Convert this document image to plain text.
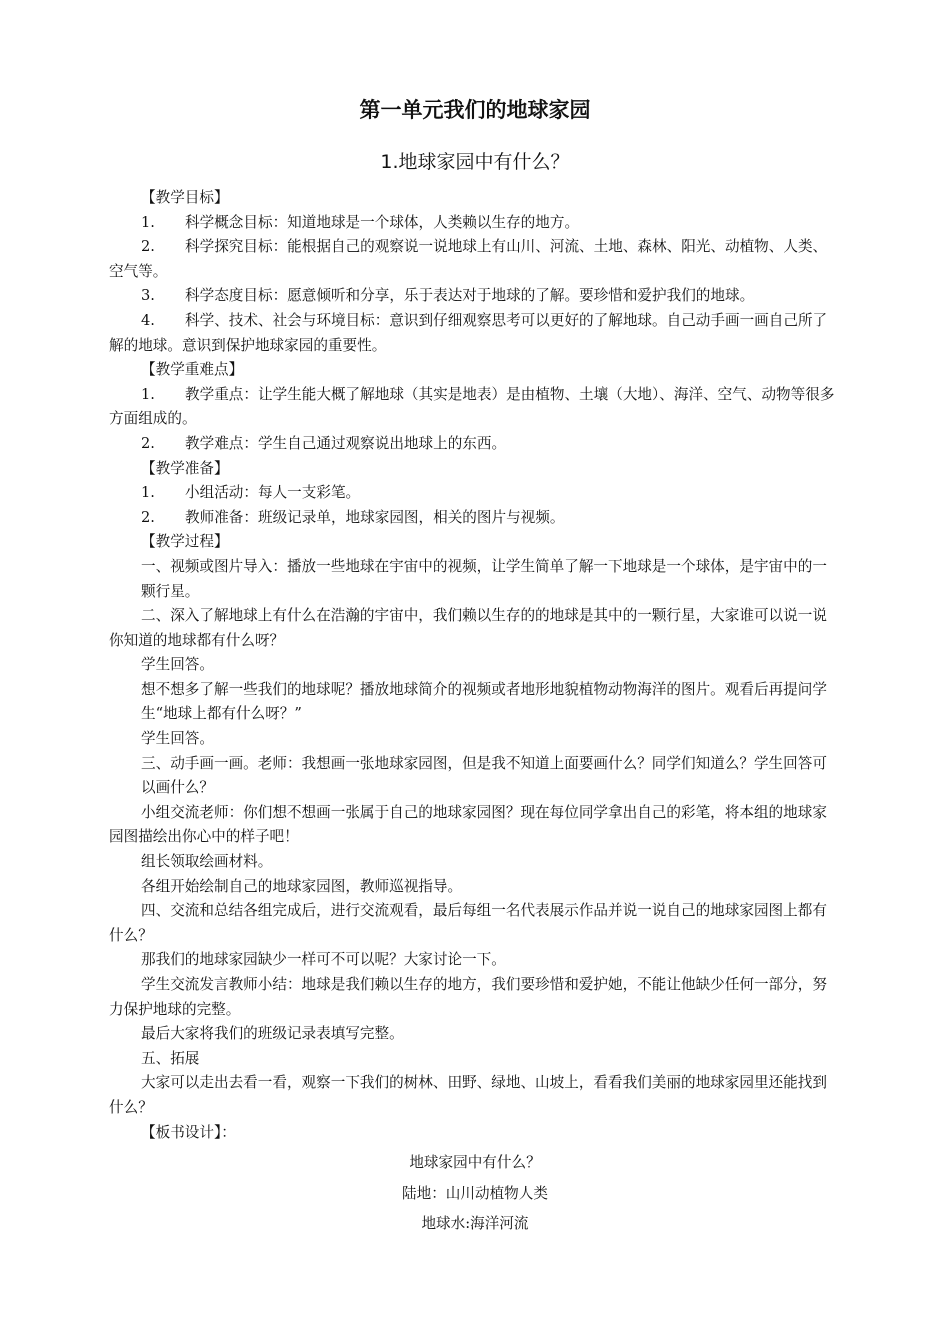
第一单元我们的地球家园
1.地球家园中有什么？

【教学目标】

1. 科学概念目标：知道地球是一个球体，人类赖以生存的地方。

2. 科学探究目标：能根据自己的观察说一说地球上有山川、河流、土地、森林、阳光、动植物、人类、空气等。

3. 科学态度目标：愿意倾听和分享，乐于表达对于地球的了解。要珍惜和爱护我们的地球。

4. 科学、技术、社会与环境目标：意识到仔细观察思考可以更好的了解地球。自己动手画一画自己所了解的地球。意识到保护地球家园的重要性。

【教学重难点】

1. 教学重点：让学生能大概了解地球（其实是地表）是由植物、土壤（大地）、海洋、空气、动物等很多方面组成的。

2. 教学难点：学生自己通过观察说出地球上的东西。

【教学准备】

1. 小组活动：每人一支彩笔。

2. 教师准备：班级记录单，地球家园图，相关的图片与视频。

【教学过程】

一、视频或图片导入：播放一些地球在宇宙中的视频，让学生简单了解一下地球是一个球体，是宇宙中的一颗行星。

二、深入了解地球上有什么在浩瀚的宇宙中，我们赖以生存的的地球是其中的一颗行星，大家谁可以说一说你知道的地球都有什么呀？

学生回答。

想不想多了解一些我们的地球呢？播放地球简介的视频或者地形地貌植物动物海洋的图片。观看后再提问学生“地球上都有什么呀？”

学生回答。

三、动手画一画。老师：我想画一张地球家园图，但是我不知道上面要画什么？同学们知道么？学生回答可以画什么？

小组交流老师：你们想不想画一张属于自己的地球家园图？现在每位同学拿出自己的彩笔，将本组的地球家园图描绘出你心中的样子吧！

组长领取绘画材料。

各组开始绘制自己的地球家园图，教师巡视指导。

四、交流和总结各组完成后，进行交流观看，最后每组一名代表展示作品并说一说自己的地球家园图上都有什么？

那我们的地球家园缺少一样可不可以呢？大家讨论一下。

学生交流发言教师小结：地球是我们赖以生存的地方，我们要珍惜和爱护她，不能让他缺少任何一部分，努力保护地球的完整。

最后大家将我们的班级记录表填写完整。

五、拓展

大家可以走出去看一看，观察一下我们的树林、田野、绿地、山坡上，看看我们美丽的地球家园里还能找到什么？

【板书设计】：

地球家园中有什么？

陆地：山川动植物人类

地球水:海洋河流
